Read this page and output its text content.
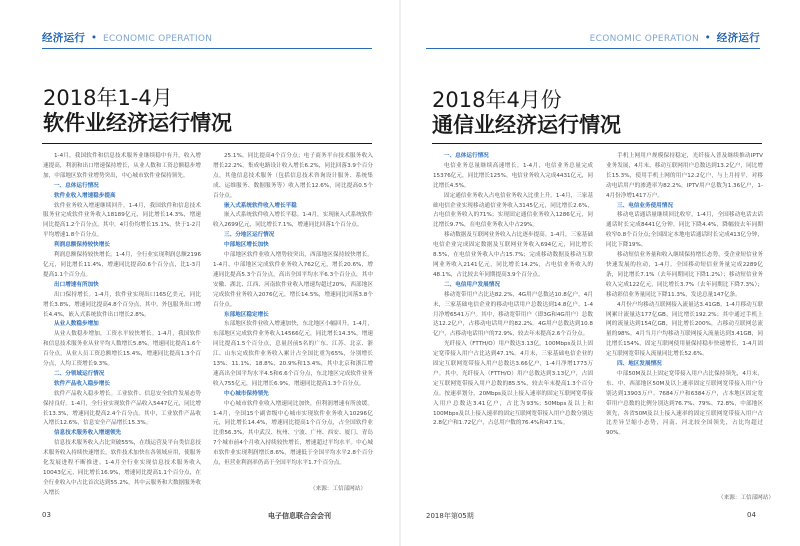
经济运行 • ECONOMIC OPERATION
2018年1-4月
软件业经济运行情况

1-4月，我国软件和信息技术服务业继续稳中有升，收入增速提高，利润和出口增速保持增长，从业人数和工资总额稳步增加，中部地区软件业增势突出，中心城市软件业保持领先。

一、总体运行情况

软件业收入增速稳步提高

软件业务收入增速继续回升。1-4月，我国软件和信息技术服务业完成软件业务收入18189亿元，同比增长14.3%，增速同比提高1.2个百分点，其中，4月份均增长15.1%，快于1-2月平均增速1.8个百分点。

利润总额保持较快增长

利润总额保持较快增长。1-4月，全行业实现利润总额2196亿元，同比增长11.4%，增速同比提高0.6个百分点，比1-3月提高1.1个百分点。

出口增速有所加快

出口保持增长。1-4月，软件业实现出口165亿美元，同比增长3.8%，增速同比提高4.8个百分点，其中，外包服务出口增长4.4%，嵌入式系统软件出口增长2.8%。

从业人数稳步增加

从业人数稳步增加，工资水平较快增长。1-4月，我国软件和信息技术服务业从业平均人数增长5.8%，增速同比提高1.6个百分点，从业人员工资总额增长15.4%，增速同比提高1.3个百分点，人均工资增长9.3%。

二、分领域运行情况

软件产品收入稳步增长

软件产品收入稳步增长。工业软件、信息安全软件发展态势保持良好。1-4月，全行业实现软件产品收入5447亿元，同比增长13.3%，增速同比提高2.4个百分点。其中，工业软件产品收入增长12.6%，信息安全产品增长15.3%。

信息技术服务收入增速领先

信息技术服务收入占比突破55%，在线运营及平台类信息技术服务收入持续快速增长，软件技术加快在各领域应用，使服务化发展进程不断推进。1-4月全行业实现信息技术服务收入10043亿元，同比增长16.9%，增速同比提高1.1个百分点，在全行业收入中占比首次达到55.2%，其中云服务和大数据服务收入增长

25.1%，同比提高4个百分点；电子商务平台技术服务收入增长22.2%，集成电路设计收入增长6.2%，同比回落3.9个百分点，其他信息技术服务（包括信息技术咨询设计服务、系统集成、运维服务、数据服务等）收入增长12.6%，同比提高0.5个百分点。

嵌入式系统软件收入增长平稳

嵌入式系统软件收入增长平稳。1-4月，实现嵌入式系统软件收入2699亿元，同比增长7.1%，增速同比回落1个百分点。

三、分地区运行情况

中部地区增长加快

中部地区软件业收入增势较突出，西部地区保持较快增长。1-4月，中部地区完成软件业务收入762亿元，增长20.6%，增速同比提高5.3个百分点，高出全国平均水平6.3个百分点，其中安徽、湖北、江西、河南软件业收入增速均超过20%，西部地区完成软件业务收入2076亿元，增长14.5%，增速同比回落3.8个百分点。

东部地区稳定增长

东部地区软件业收入增速加快，东北地区小幅回升。1-4月，东部地区完成软件业务收入14566亿元，同比增长14.3%，增速同比提高1.5个百分点，总量居前5名的广东、江苏、北京、浙江、山东完成软件业务收入累计占全国比重为65%，分别增长13%、11.1%、18.8%、20.9%和13.4%，其中北京和浙江增速高出全国平均水平4.5和6.6个百分点，东北地区完成软件业务收入755亿元，同比增长6.9%，增速同比提高1.3个百分点。

中心城市保持领先

中心城市软件业收入增速同比加快，但利润增速有所放缓。1-4月，全国15个副省级中心城市实现软件业务收入10296亿元，同比增长14.4%，增速同比提高1个百分点，占全国软件业比重56.3%，其中武汉、杭州、宁波、广州、西安、厦门、青岛7个城市前4个月收入持续较快增长，增速超过平均水平。中心城市软件业实现利润增长8.6%，增速低于全国平均水平2.8个百分点，但营业利润率仍高于全国平均水平1.7个百分点。

（来源：工信部网站）
03	电子信息联合会会刊
ECONOMIC OPERATION • 经济运行
2018年4月份
通信业经济运行情况

一、总体运行情况

电信业务总量继续高速增长，1-4月，电信业务总量完成15376亿元，同比增长125%。电信业务收入完成4431亿元，同比增长4.5%。

固定通信业务收入占电信业务收入比重上升。1-4月，三家基础电信企业实现移动通信业务收入3145亿元，同比增长2.6%，占电信业务收入的71%；实现固定通信业务收入1286亿元，同比增长9.7%，在电信业务收入中占29%。

移动数据及互联网业务收入占比逐步提高。1-4月，三家基础电信企业完成固定数据及互联网业务收入694亿元，同比增长8.5%，在电信业务收入中占15.7%；完成移动数据及移动互联网业务收入2141亿元，同比增长14.2%，占电信业务收入的48.1%，占比较去年同期提高3.9个百分点。

二、电信用户发展情况

移动宽带用户占比达82.2%，4G用户总数达10.8亿户，4月末，三家基础电信企业的移动电话用户总数达到14.8亿户，1-4月净增6541万户。其中，移动宽带用户（即3G和4G用户）总数达12.2亿户，占移动电话用户的82.2%。4G用户总数达到10.8亿户，占移动电话用户的72.9%，较去年末提高2.6个百分点。

光纤接入（FTTH/O）用户数达3.13亿，100Mbps及以上固定宽带接入用户占比达到47.1%。4月末，三家基础电信企业的固定互联网宽带接入用户总数达3.66亿户，1-4月净增1773万户。其中，光纤接入（FTTH/O）用户总数达到3.13亿户，占固定互联网宽带接入用户总数的85.5%，较去年末提高1.3个百分点。按速率划分，20Mbps及以上接入速率的固定互联网宽带接入用户总数达3.41亿户，占比为93%；50Mbps及以上和100Mbps及以上接入速率的固定互联网宽带接入用户总数分别达2.8亿户和1.72亿户，占总用户数的76.4%和47.1%。

手机上网用户规模保持稳定，光纤接入普及继续推动IPTV业务发展，4月末，移动互联网用户总数达到13.2亿户，同比增长15.3%，使用手机上网的用户12.2亿户，与上月持平，对移动电话用户的渗透率为82.2%，IPTV用户总数为1.36亿户，1-4月份净增1417万户。

三、电信业务使用情况

移动电话通话量继续回比收窄，1-4月，全国移动电话去话通话时长完成8441亿分钟，同比下降4.4%，降幅较去年同期收窄0.8个百分点;全国固定本地电话通话时长完成413亿分钟，同比下降19%。

移动短信业务量和收入继续保持增长态势，受企业短信业务快速发展的拉动，1-4月，全国移动短信业务量完成2289亿条，同比增长7.1%（去年同期同比下降1.2%）；移动短信业务收入完成122亿元，同比增长3.7%（去年同期比下降7.3%）；移动彩信业务量同比下降11.3%，发送总量147亿条。

4月份户均移动互联网接入流量达3.41GB，1-4月移动互联网累计流量达177亿GB，同比增长192.2%；其中通过手机上网的流量达到154亿GB，同比增长200%，占移动互联网总流量的98%。4月当月户均移动互联网接入流量达到3.41GB，同比增长154%，固定互联网使用量保持稳步快速增长，1-4月固定互联网宽带接入流量同比增长52.6%。

四、地区发展情况

中部50M及以上固定宽带接入用户占比保持领先，4月末，东、中、西部地区50M及以上速率固定互联网宽带接入用户分别达到13903万户、7684万户和6384万户，占本地区固定宽带用户总数的比例分别达到76.7%、79%、72.8%，中部地区领先，各省50M及以上接入速率的固定互联网宽带接入用户占比差异呈缩小态势，河南、河北较全国领先，占比均超过90%。

（来源：工信部网站）
2018年第05期	04
